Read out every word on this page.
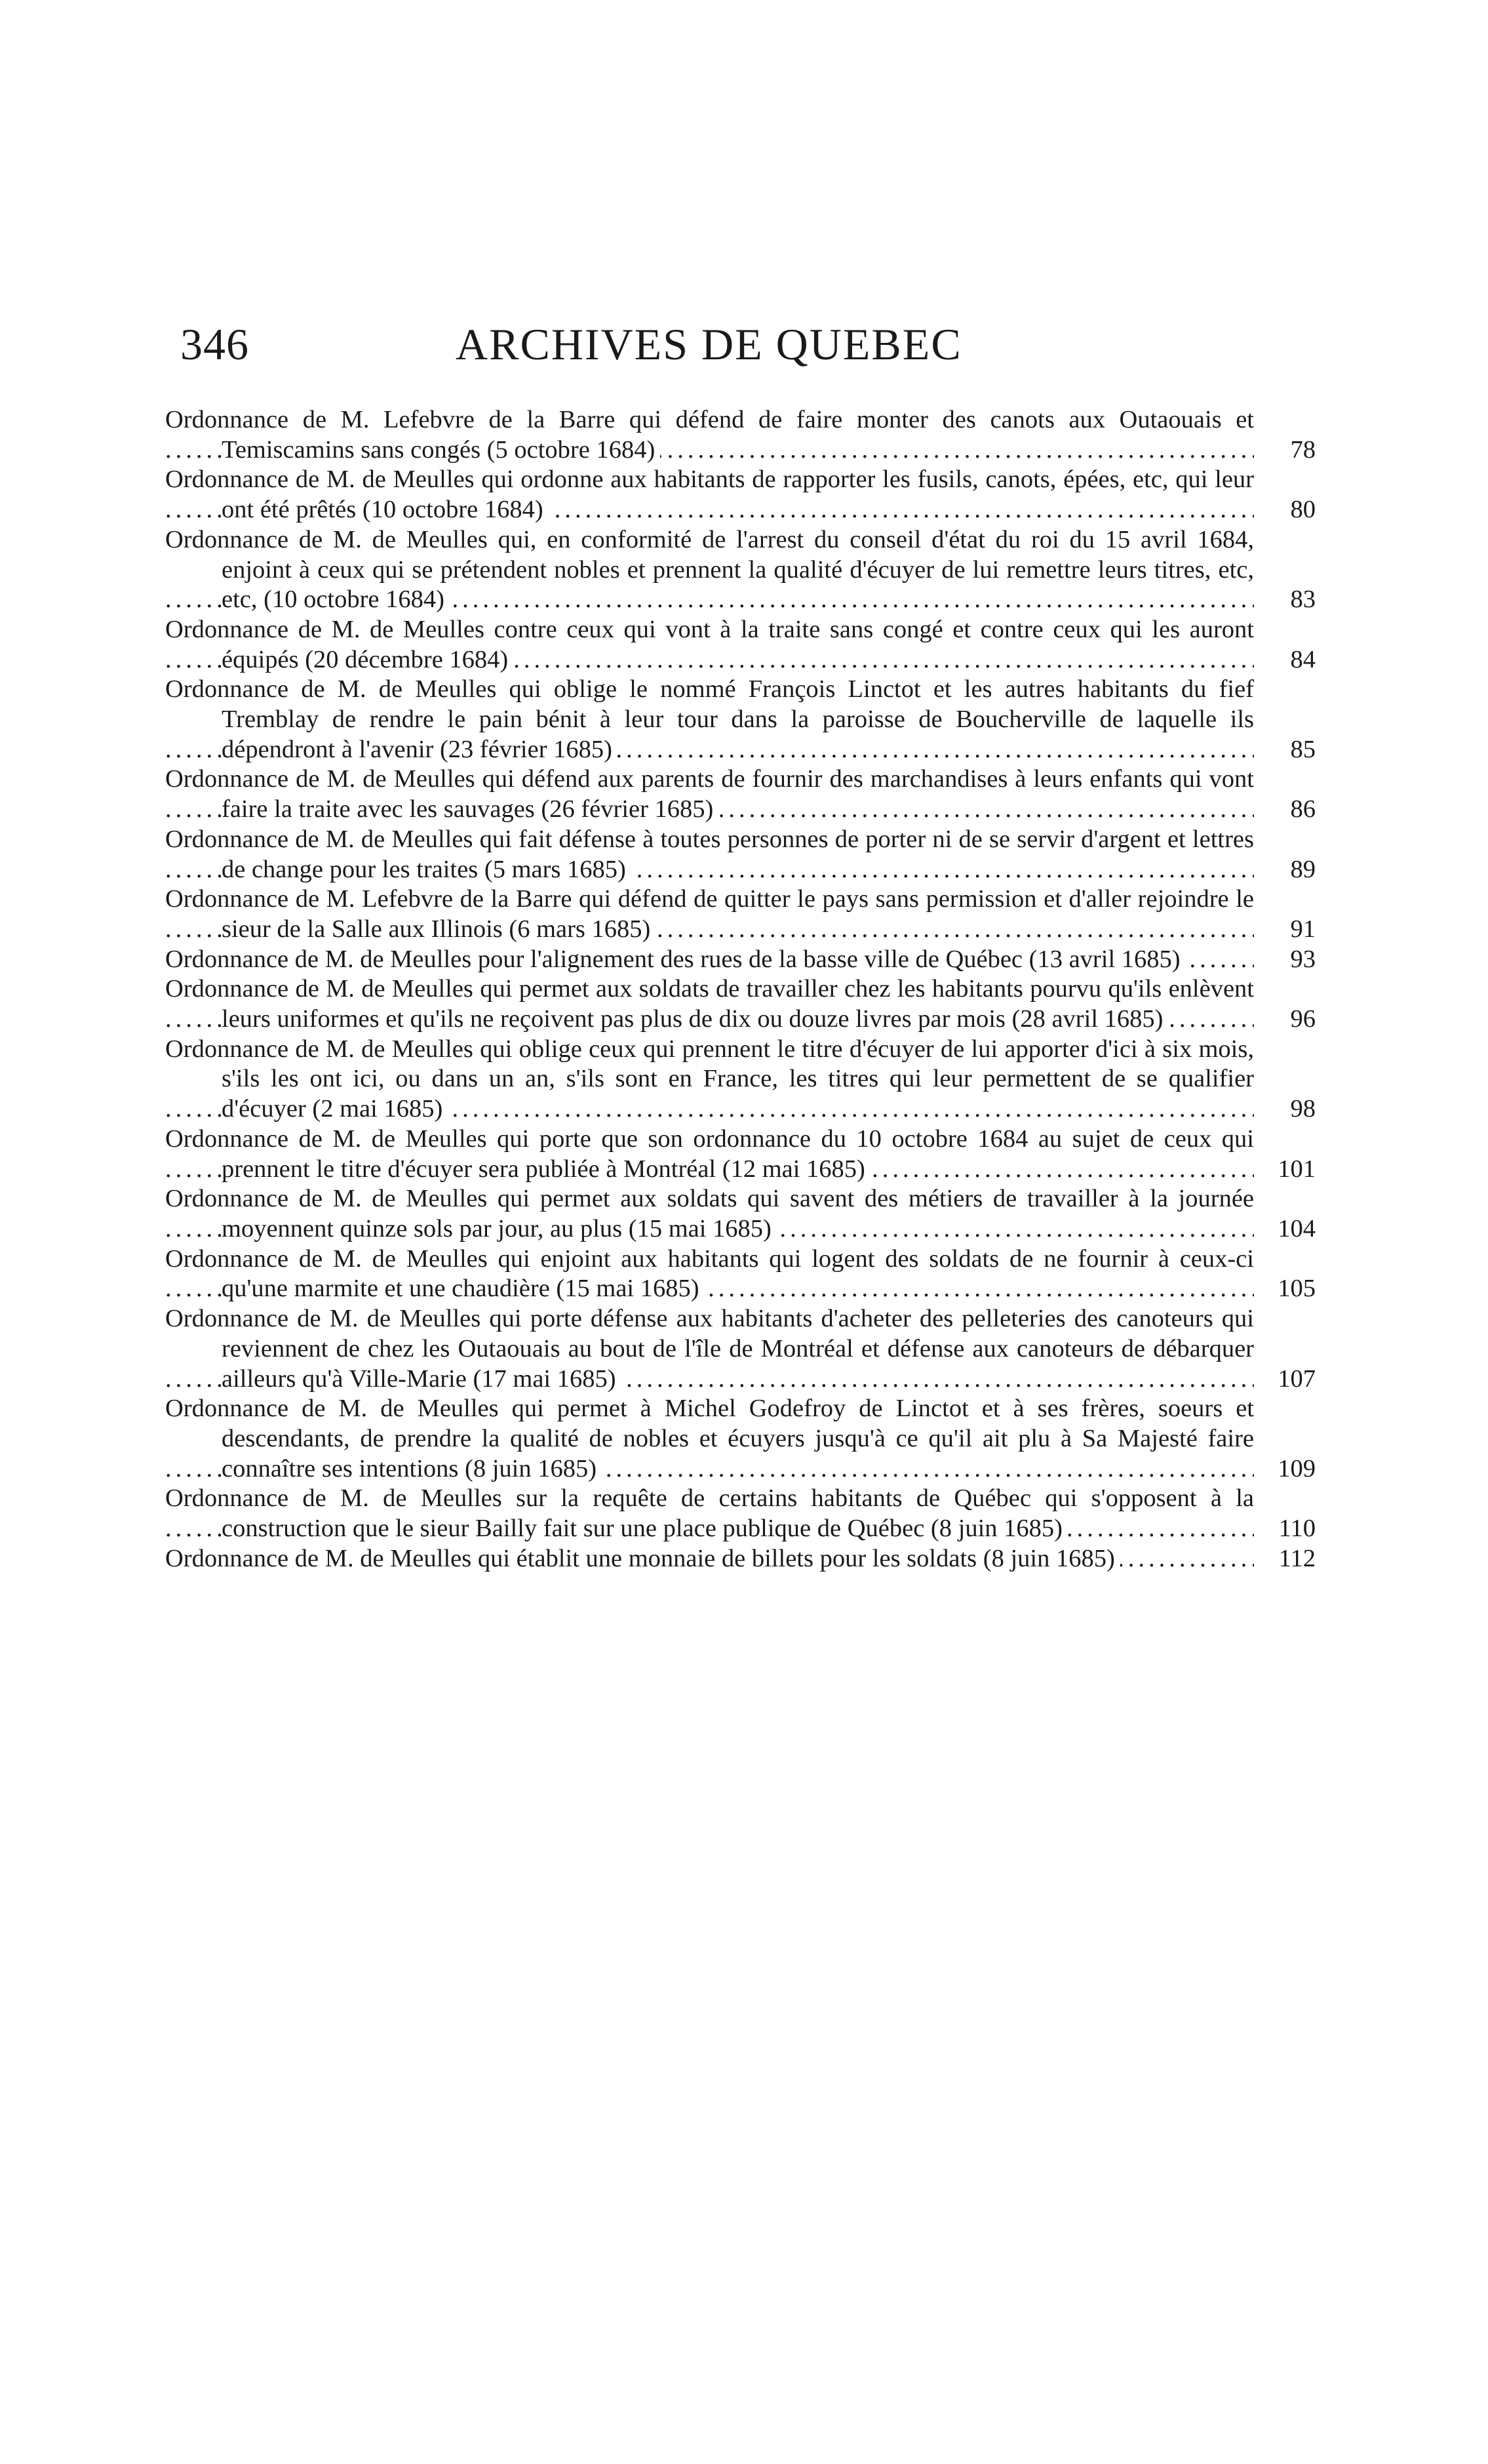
346	ARCHIVES DE QUEBEC
Ordonnance de M. Lefebvre de la Barre qui défend de faire monter des canots aux Outaouais et Temiscamins sans congés (5 octobre 1684) .....	78
Ordonnance de M. de Meulles qui ordonne aux habitants de rapporter les fusils, canots, épées, etc, qui leur ont été prêtés (10 octobre 1684) .....	80
Ordonnance de M. de Meulles qui, en conformité de l'arrest du conseil d'état du roi du 15 avril 1684, enjoint à ceux qui se prétendent nobles et prennent la qualité d'écuyer de lui remettre leurs titres, etc, etc, (10 octobre 1684) .....	83
Ordonnance de M. de Meulles contre ceux qui vont à la traite sans congé et contre ceux qui les auront équipés (20 décembre 1684) .....	84
Ordonnance de M. de Meulles qui oblige le nommé François Linctot et les autres habitants du fief Tremblay de rendre le pain bénit à leur tour dans la paroisse de Boucherville de laquelle ils dépendront à l'avenir (23 février 1685) .....	85
Ordonnance de M. de Meulles qui défend aux parents de fournir des marchandises à leurs enfants qui vont faire la traite avec les sauvages (26 février 1685) .....	86
Ordonnance de M. de Meulles qui fait défense à toutes personnes de porter ni de se servir d'argent et lettres de change pour les traites (5 mars 1685) .....	89
Ordonnance de M. Lefebvre de la Barre qui défend de quitter le pays sans permission et d'aller rejoindre le sieur de la Salle aux Illinois (6 mars 1685) .....	91
Ordonnance de M. de Meulles pour l'alignement des rues de la basse ville de Québec (13 avril 1685) .....	93
Ordonnance de M. de Meulles qui permet aux soldats de travailler chez les habitants pourvu qu'ils enlèvent leurs uniformes et qu'ils ne reçoivent pas plus de dix ou douze livres par mois (28 avril 1685) .....	96
Ordonnance de M. de Meulles qui oblige ceux qui prennent le titre d'écuyer de lui apporter d'ici à six mois, s'ils les ont ici, ou dans un an, s'ils sont en France, les titres qui leur permettent de se qualifier d'écuyer (2 mai 1685) .....	98
Ordonnance de M. de Meulles qui porte que son ordonnance du 10 octobre 1684 au sujet de ceux qui prennent le titre d'écuyer sera publiée à Montréal (12 mai 1685) .....	101
Ordonnance de M. de Meulles qui permet aux soldats qui savent des métiers de travailler à la journée moyennent quinze sols par jour, au plus (15 mai 1685) .....	104
Ordonnance de M. de Meulles qui enjoint aux habitants qui logent des soldats de ne fournir à ceux-ci qu'une marmite et une chaudière (15 mai 1685) .....	105
Ordonnance de M. de Meulles qui porte défense aux habitants d'acheter des pelleteries des canoteurs qui reviennent de chez les Outaouais au bout de l'île de Montréal et défense aux canoteurs de débarquer ailleurs qu'à Ville-Marie (17 mai 1685) .....	107
Ordonnance de M. de Meulles qui permet à Michel Godefroy de Linctot et à ses frères, soeurs et descendants, de prendre la qualité de nobles et écuyers jusqu'à ce qu'il ait plu à Sa Majesté faire connaître ses intentions (8 juin 1685) .....	109
Ordonnance de M. de Meulles sur la requête de certains habitants de Québec qui s'opposent à la construction que le sieur Bailly fait sur une place publique de Québec (8 juin 1685) .....	110
Ordonnance de M. de Meulles qui établit une monnaie de billets pour les soldats (8 juin 1685) .....	112
